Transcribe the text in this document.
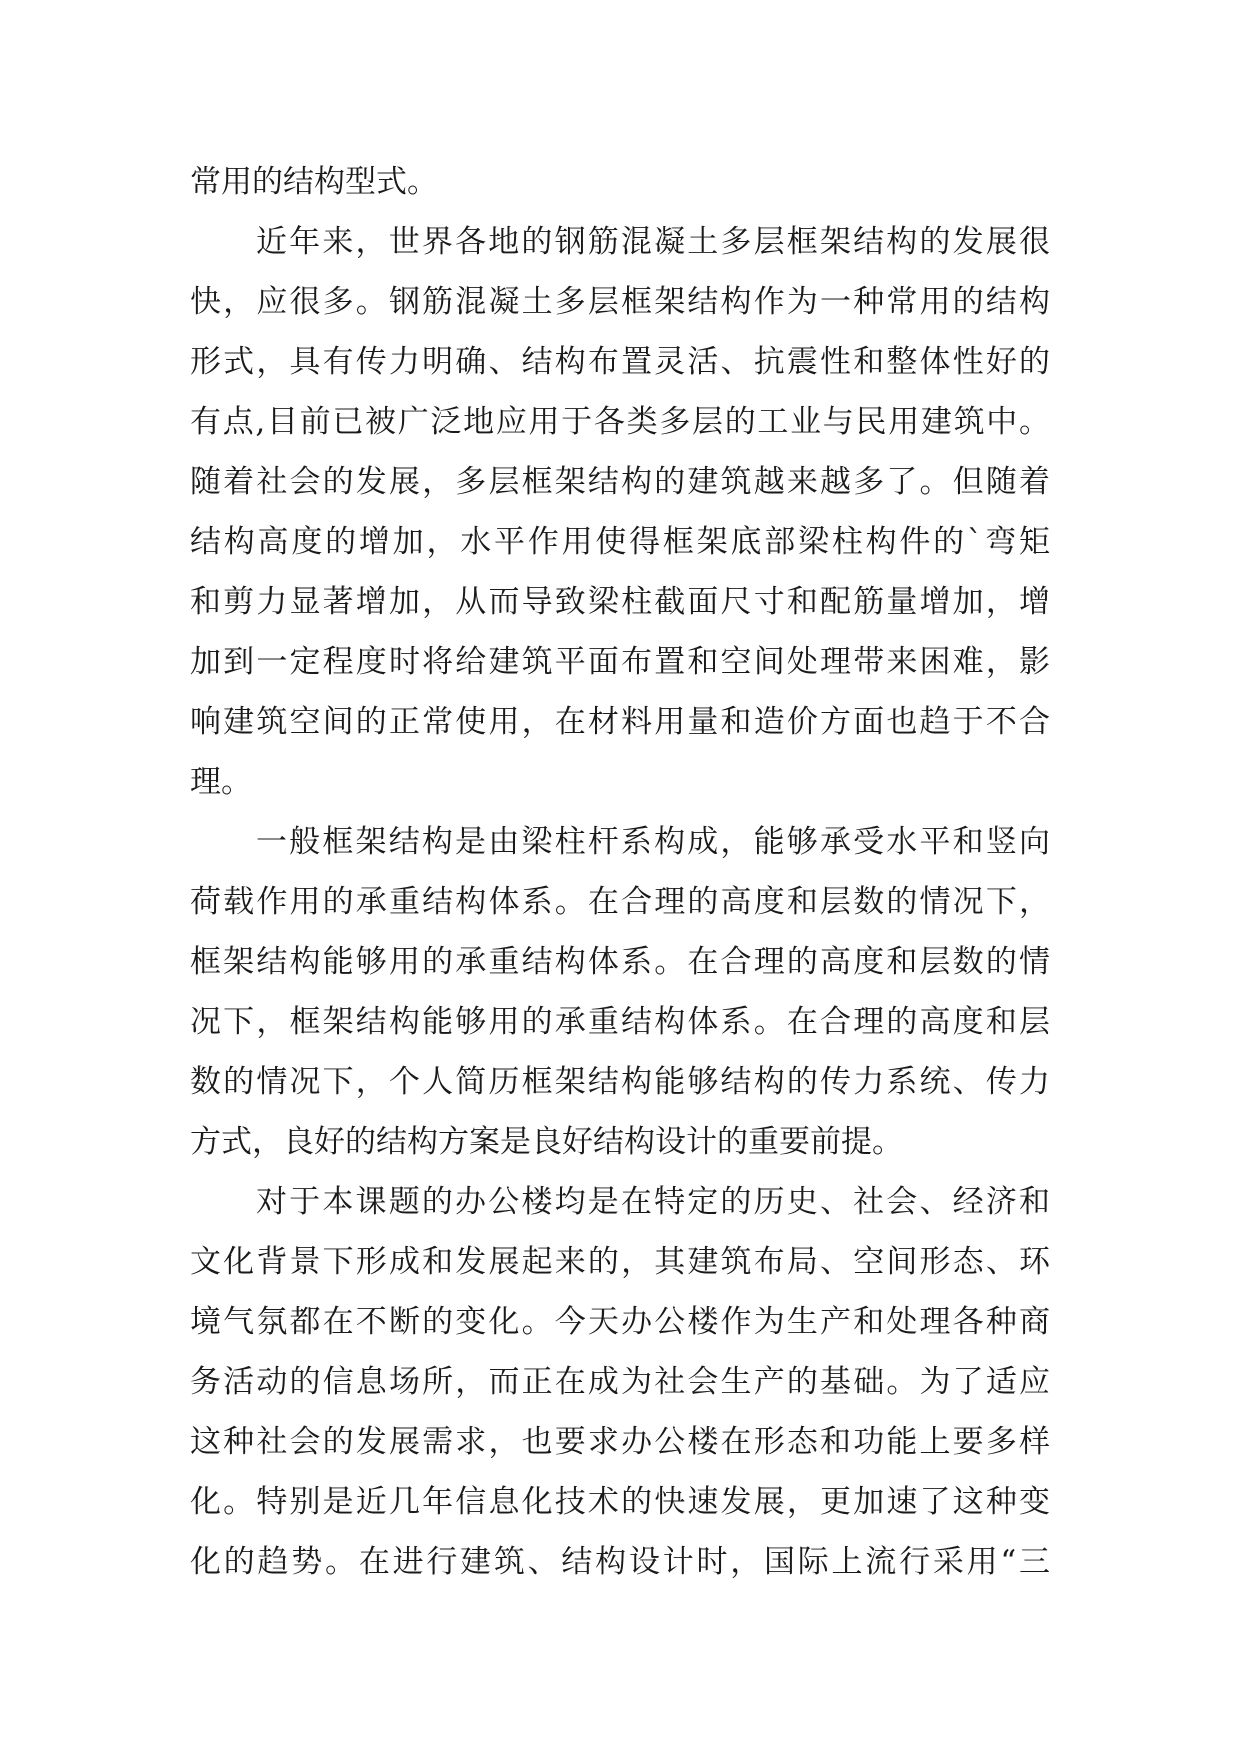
常用的结构型式。
近年来，世界各地的钢筋混凝土多层框架结构的发展很
快，应很多。钢筋混凝土多层框架结构作为一种常用的结构
形式，具有传力明确、结构布置灵活、抗震性和整体性好的
有点,目前已被广泛地应用于各类多层的工业与民用建筑中。
随着社会的发展，多层框架结构的建筑越来越多了。但随着
结构高度的增加，水平作用使得框架底部梁柱构件的`弯矩
和剪力显著增加，从而导致梁柱截面尺寸和配筋量增加，增
加到一定程度时将给建筑平面布置和空间处理带来困难，影
响建筑空间的正常使用，在材料用量和造价方面也趋于不合
理。
一般框架结构是由梁柱杆系构成，能够承受水平和竖向
荷载作用的承重结构体系。在合理的高度和层数的情况下，
框架结构能够用的承重结构体系。在合理的高度和层数的情
况下，框架结构能够用的承重结构体系。在合理的高度和层
数的情况下，个人简历框架结构能够结构的传力系统、传力
方式，良好的结构方案是良好结构设计的重要前提。
对于本课题的办公楼均是在特定的历史、社会、经济和
文化背景下形成和发展起来的，其建筑布局、空间形态、环
境气氛都在不断的变化。今天办公楼作为生产和处理各种商
务活动的信息场所，而正在成为社会生产的基础。为了适应
这种社会的发展需求，也要求办公楼在形态和功能上要多样
化。特别是近几年信息化技术的快速发展，更加速了这种变
化的趋势。在进行建筑、结构设计时，国际上流行采用“三
